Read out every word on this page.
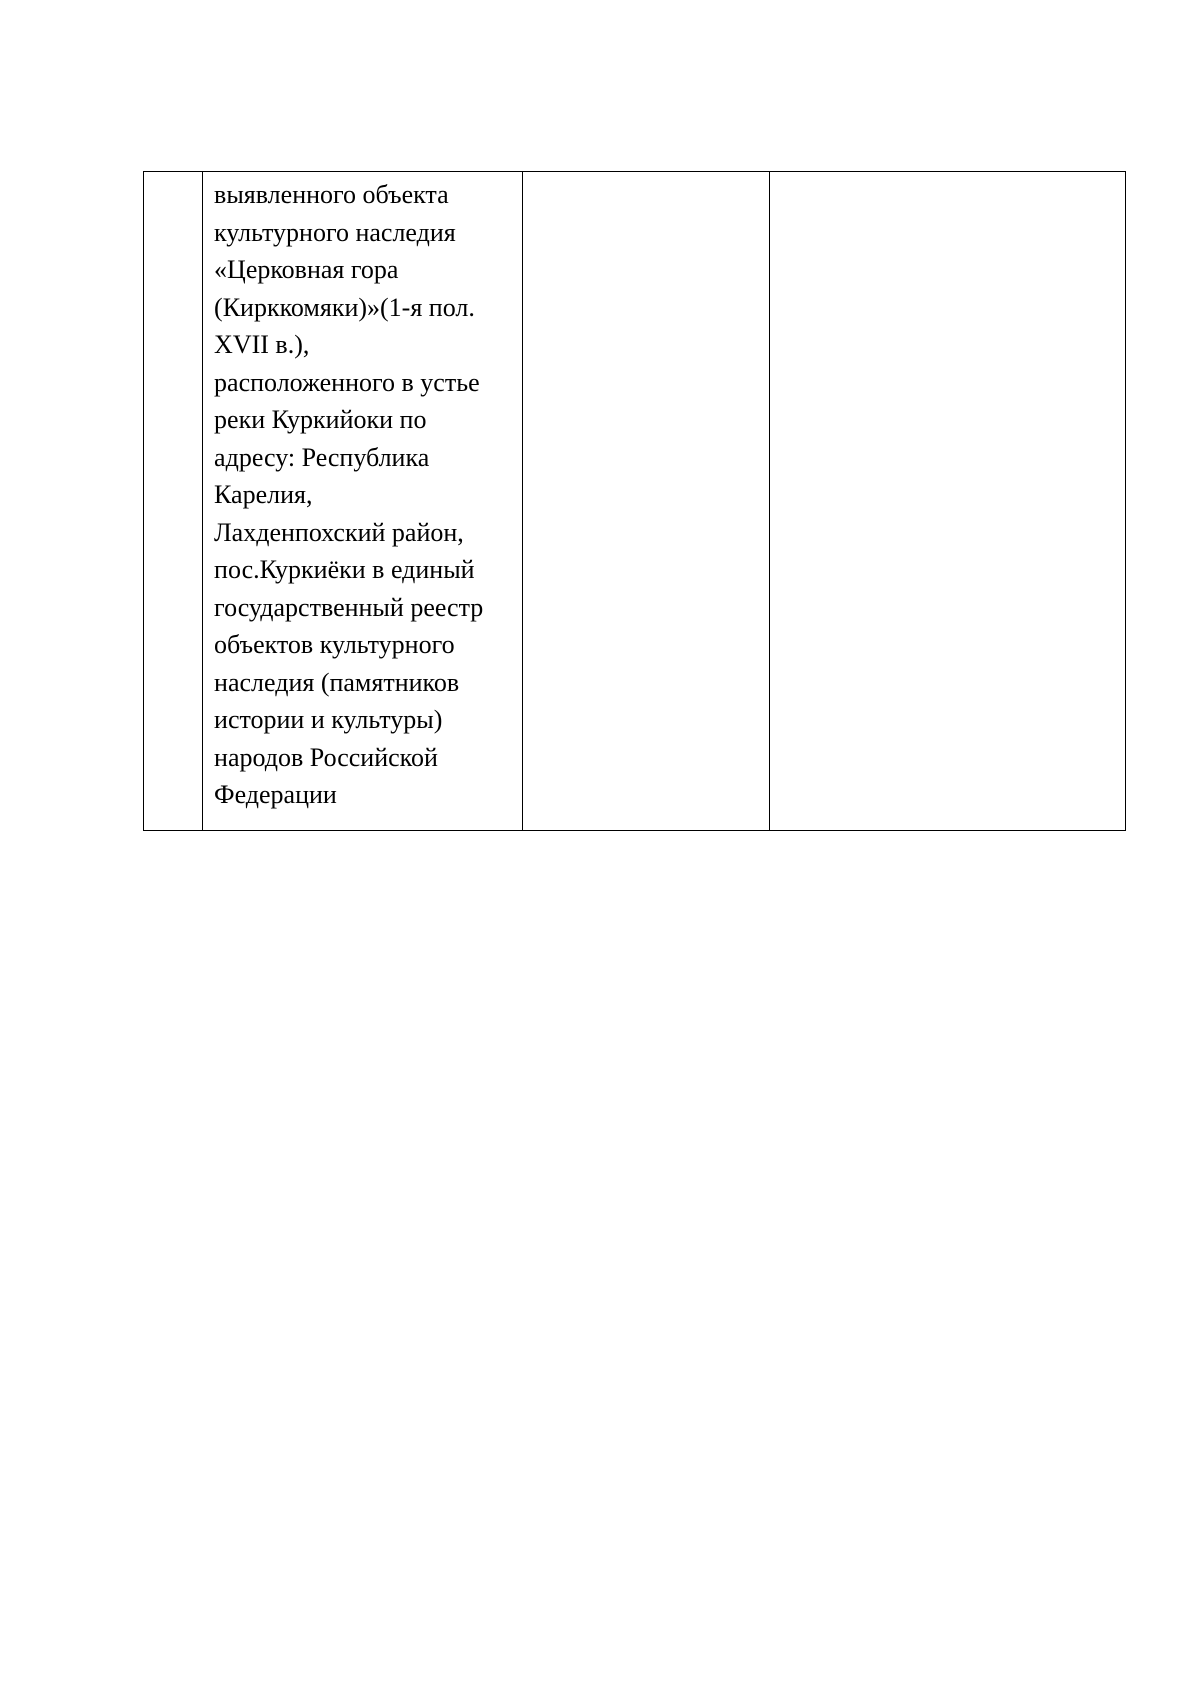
выявленного объекта
культурного наследия
«Церковная гора
(Кирккомяки)»(1-я пол.
XVII в.),
расположенного в устье
реки Куркийоки по
адресу: Республика
Карелия,
Лахденпохский район,
пос.Куркиёки в единый
государственный реестр
объектов культурного
наследия (памятников
истории и культуры)
народов Российской
Федерации
